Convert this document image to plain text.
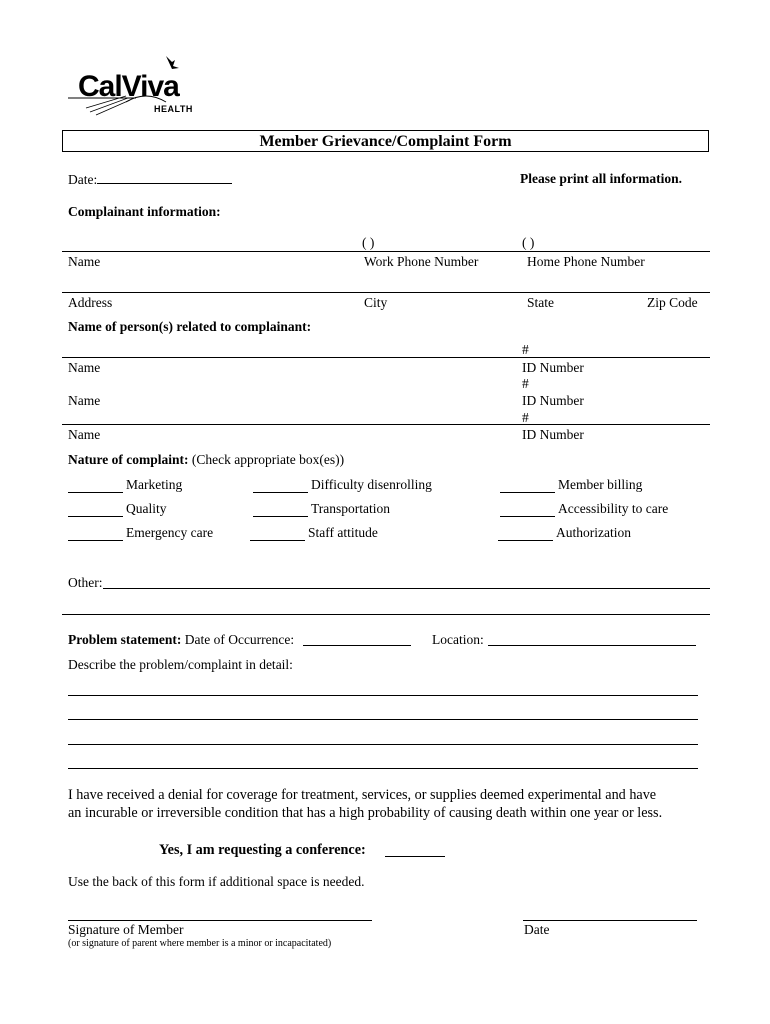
CalViva
HEALTH
Member Grievance/Complaint Form
Date:	Please print all information.
Complainant information:
( )	( )
Name	Work Phone Number	Home Phone Number
Address	City	State	Zip Code
Name of person(s) related to complainant:
#
Name	ID Number
#
Name	ID Number
#
Name	ID Number
Nature of complaint: (Check appropriate box(es))
Marketing	Difficulty disenrolling	Member billing
Quality	Transportation	Accessibility to care
Emergency care	Staff attitude	Authorization
Other:
Problem statement: Date of Occurrence:	Location:
Describe the problem/complaint in detail:
I have received a denial for coverage for treatment, services, or supplies deemed experimental and have
an incurable or irreversible condition that has a high probability of causing death within one year or less.
Yes, I am requesting a conference:
Use the back of this form if additional space is needed.
Signature of Member
(or signature of parent where member is a minor or incapacitated)
Date
